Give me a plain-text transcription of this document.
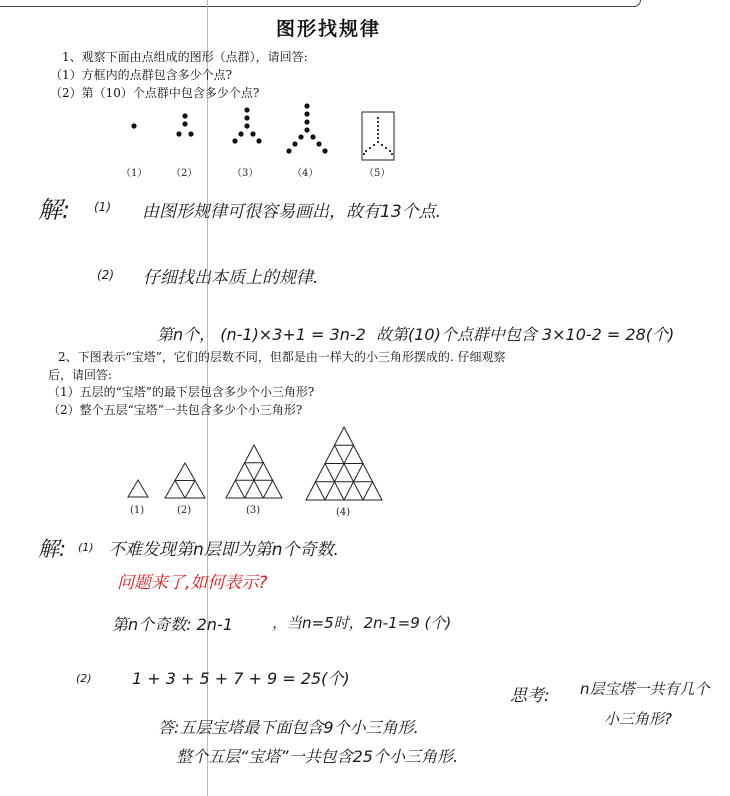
图形找规律
1、观察下面由点组成的图形（点群），请回答:
（1）方框内的点群包含多少个点?
（2）第（10）个点群中包含多少个点?
（1） （2）	（3）	（4）	（5）
解: (1) 由图形规律可很容易画出，故有13个点.
(2) 仔细找出本质上的规律.
第n个， (n-1)×3+1 = 3n-2 故第(10)个点群中包含 3×10-2 = 28(个)
2、下图表示“宝塔”，它们的层数不同，但都是由一样大的小三角形摆成的. 仔细观察
后，请回答:
（1）五层的“宝塔”的最下层包含多少个小三角形?
（2）整个五层“宝塔”一共包含多少个小三角形?
(1)	(2)	(3)	(4)
解: (1) 不难发现第n层即为第n个奇数.
问题来了,如何表示?
第n个奇数: 2n-1	，当n=5时，2n-1=9 (个)
(2)	1 + 3 + 5 + 7 + 9 = 25(个)
答:五层宝塔最下面包含9个小三角形.
整个五层“宝塔”一共包含25个小三角形.
思考: n层宝塔一共有几个
小三角形?
